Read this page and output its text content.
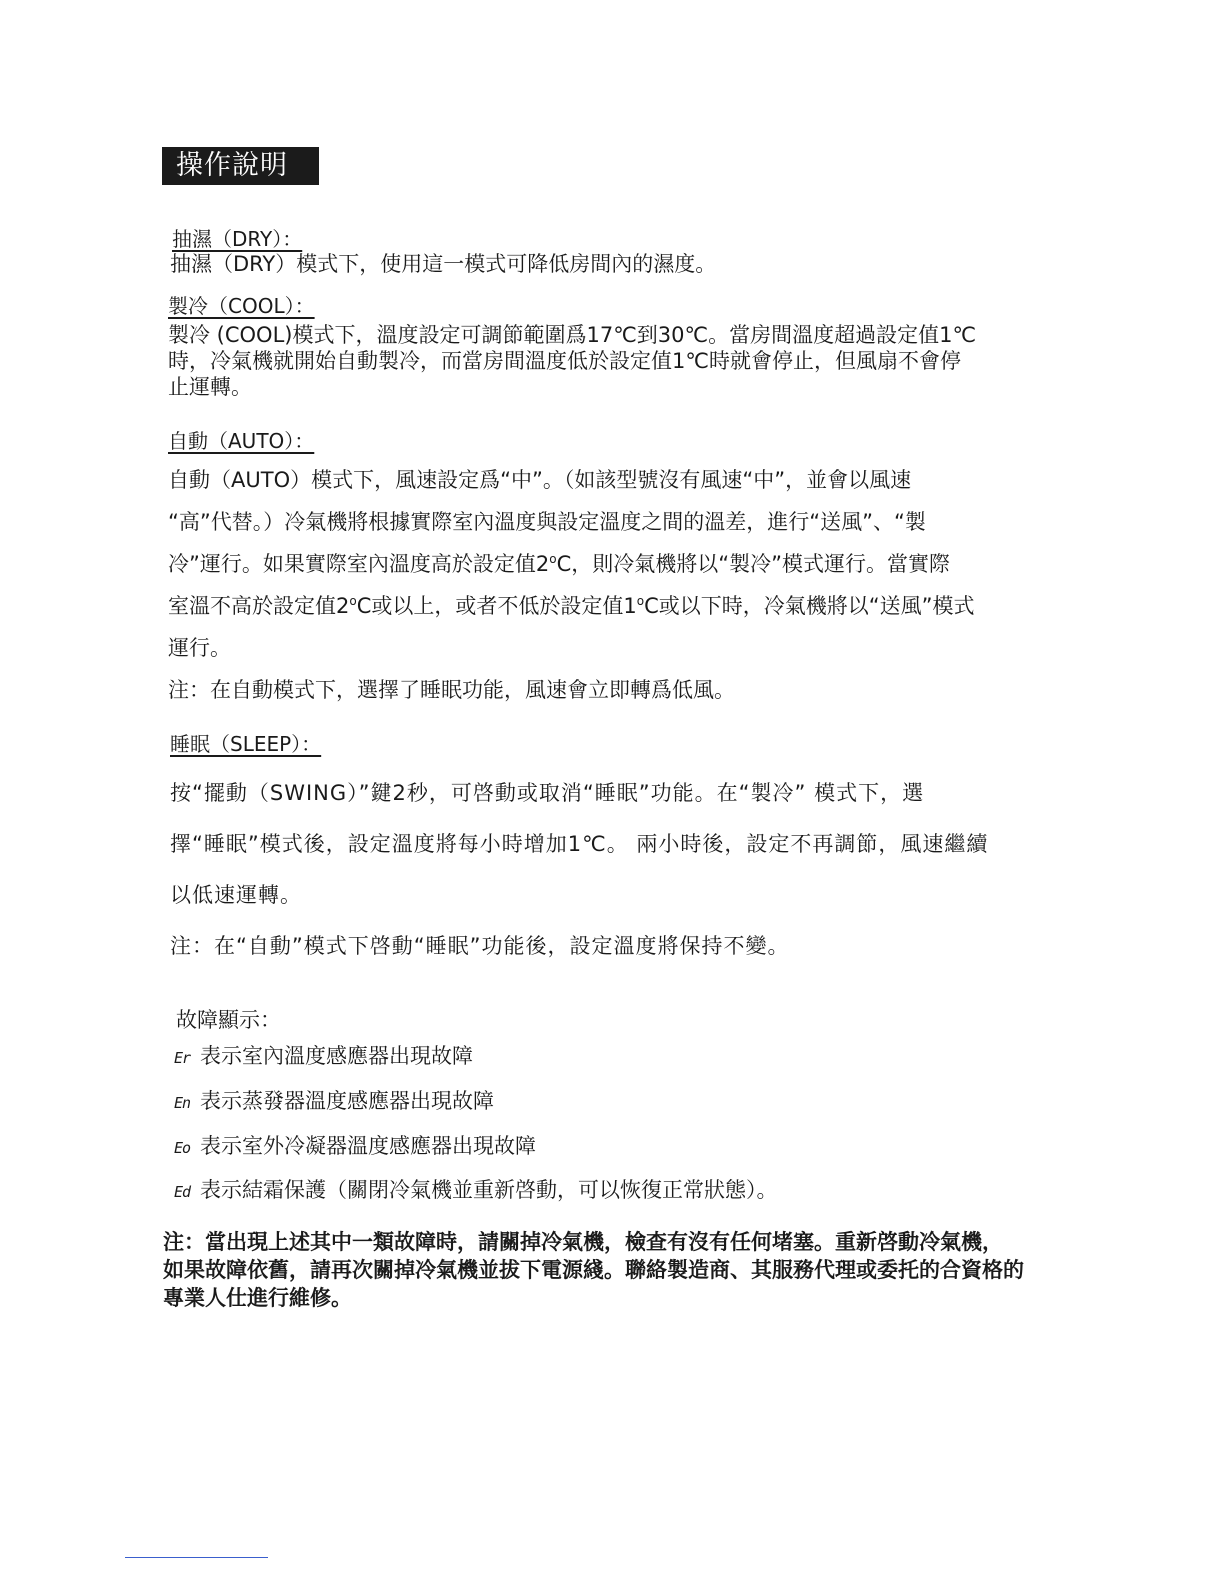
操作說明
抽濕（DRY）：
抽濕（DRY）模式下，使用這一模式可降低房間內的濕度。
製冷（COOL）：
製冷 (COOL)模式下，溫度設定可調節範圍爲17℃到30℃。當房間溫度超過設定值1℃
時，冷氣機就開始自動製冷，而當房間溫度低於設定值1℃時就會停止，但風扇不會停
止運轉。
自動（AUTO）：
自動（AUTO）模式下，風速設定爲“中”。（如該型號沒有風速“中”，並會以風速
“高”代替。）冷氣機將根據實際室內溫度與設定溫度之間的溫差，進行“送風”、“製
冷”運行。如果實際室內溫度高於設定值2$^o$C，則冷氣機將以“製冷”模式運行。當實際
室溫不高於設定值2$^o$C或以上，或者不低於設定值1$^o$C或以下時，冷氣機將以“送風”模式
運行。
注：在自動模式下，選擇了睡眠功能，風速會立即轉爲低風。
睡眠（SLEEP）：
按“擺動（SWING）”鍵2秒，可啓動或取消“睡眠”功能。在“製冷” 模式下，選
擇“睡眠”模式後，設定溫度將每小時增加1℃。 兩小時後，設定不再調節，風速繼續
以低速運轉。
注：在“自動”模式下啓動“睡眠”功能後，設定溫度將保持不變。
故障顯示：
Er 表示室內溫度感應器出現故障
En 表示蒸發器溫度感應器出現故障
Eo 表示室外冷凝器溫度感應器出現故障
Ed 表示結霜保護（關閉冷氣機並重新啓動，可以恢復正常狀態）。
注：當出現上述其中一類故障時，請關掉冷氣機，檢查有沒有任何堵塞。重新啓動冷氣機，
如果故障依舊，請再次關掉冷氣機並拔下電源綫。聯絡製造商、其服務代理或委托的合資格的
專業人仕進行維修。
